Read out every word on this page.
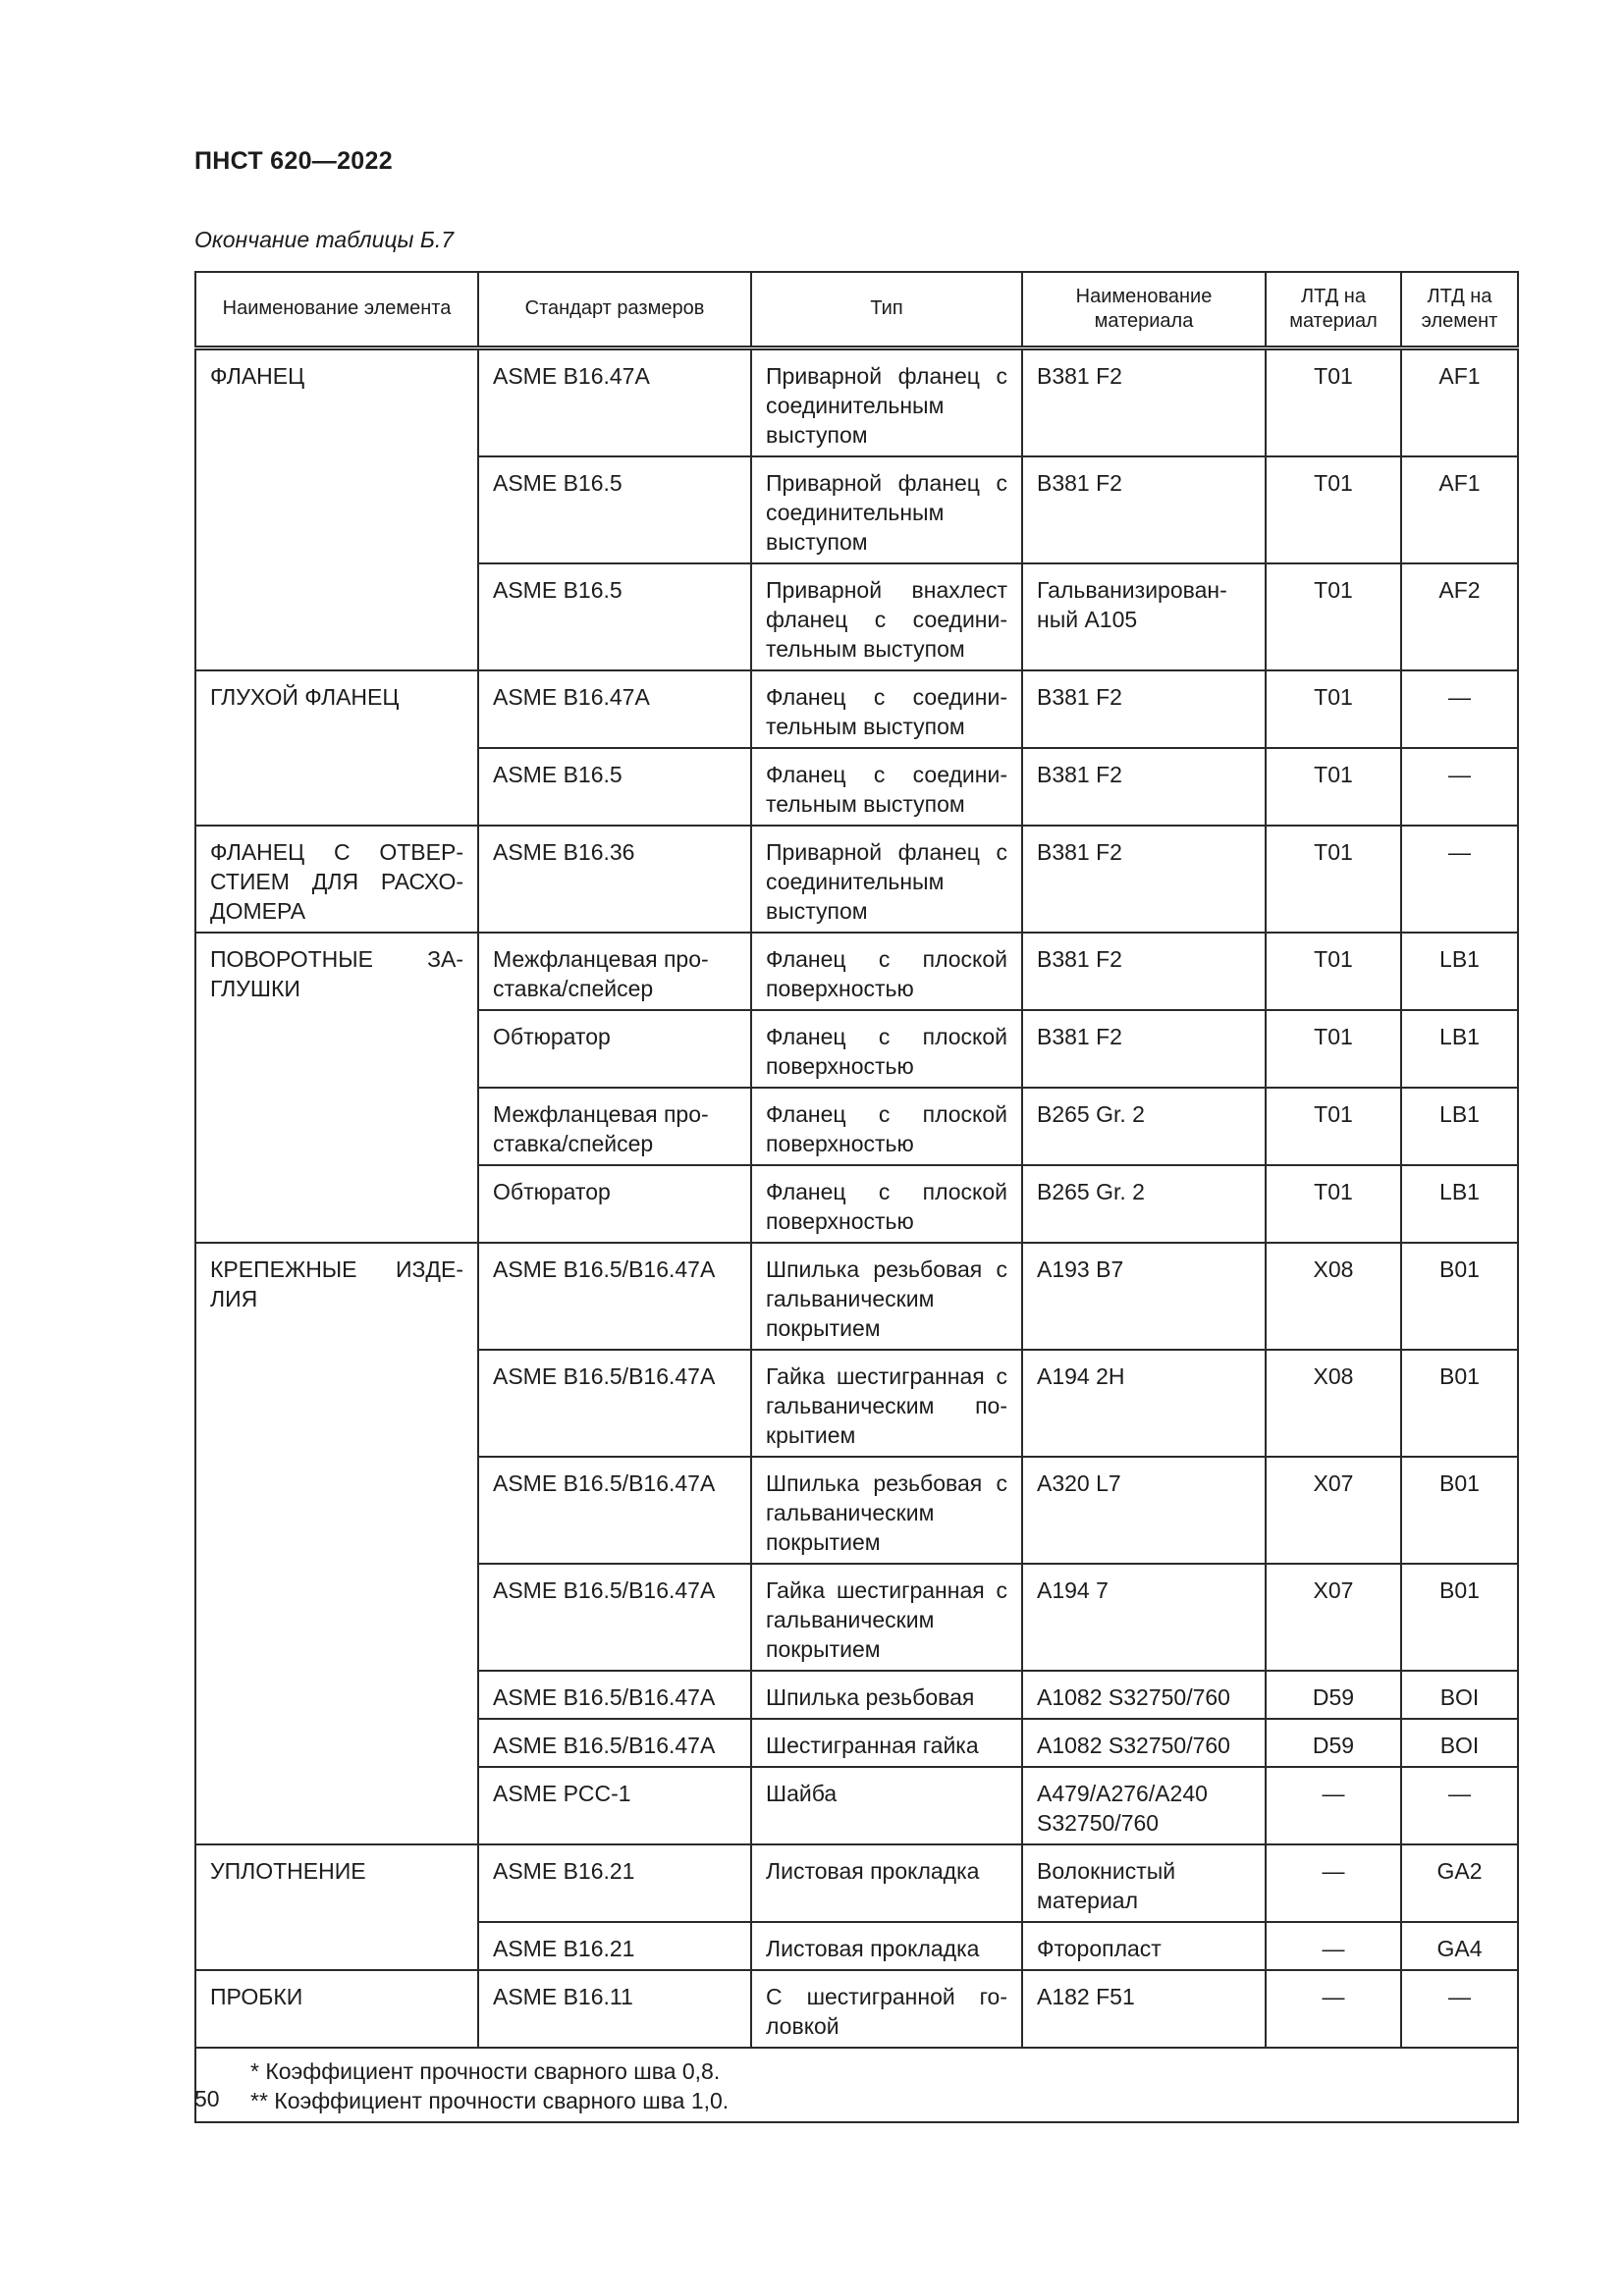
ПНСТ 620—2022
Окончание таблицы Б.7
Наименование элемента	Стандарт размеров	Тип	Наименование материала	ЛТД на материал	ЛТД на элемент
ФЛАНЕЦ	ASME B16.47A	Приварной фланец с соединительным выступом	B381 F2	T01	AF1
	ASME B16.5	Приварной фланец с соединительным выступом	B381 F2	T01	AF1
	ASME B16.5	Приварной внахлест фланец с соедини-тельным выступом	Гальванизирован-ный А105	T01	AF2
ГЛУХОЙ ФЛАНЕЦ	ASME B16.47A	Фланец с соедини-тельным выступом	B381 F2	T01	—
	ASME B16.5	Фланец с соедини-тельным выступом	B381 F2	T01	—
ФЛАНЕЦ С ОТВЕР-СТИЕМ ДЛЯ РАСХО-ДОМЕРА	ASME B16.36	Приварной фланец с соединительным выступом	B381 F2	T01	—
ПОВОРОТНЫЕ ЗА-ГЛУШКИ	Межфланцевая про-ставка/спейсер	Фланец с плоской поверхностью	B381 F2	T01	LB1
	Обтюратор	Фланец с плоской поверхностью	B381 F2	T01	LB1
	Межфланцевая про-ставка/спейсер	Фланец с плоской поверхностью	B265 Gr. 2	T01	LB1
	Обтюратор	Фланец с плоской поверхностью	B265 Gr. 2	T01	LB1
КРЕПЕЖНЫЕ ИЗДЕ-ЛИЯ	ASME B16.5/B16.47A	Шпилька резьбовая с гальваническим покрытием	A193 B7	X08	B01
	ASME B16.5/B16.47A	Гайка шестигранная с гальваническим по-крытием	A194 2H	X08	B01
	ASME B16.5/B16.47A	Шпилька резьбовая с гальваническим покрытием	A320 L7	X07	B01
	ASME B16.5/B16.47A	Гайка шестигранная с гальваническим покрытием	A194 7	X07	B01
	ASME B16.5/B16.47A	Шпилька резьбовая	A1082 S32750/760	D59	BOI
	ASME B16.5/B16.47A	Шестигранная гайка	A1082 S32750/760	D59	BOI
	ASME PCC-1	Шайба	A479/A276/A240 S32750/760	—	—
УПЛОТНЕНИЕ	ASME B16.21	Листовая прокладка	Волокнистый материал	—	GA2
	ASME B16.21	Листовая прокладка	Фторопласт	—	GA4
ПРОБКИ	ASME B16.11	С шестигранной го-ловкой	A182 F51	—	—

* Коэффициент прочности сварного шва 0,8.
** Коэффициент прочности сварного шва 1,0.					
50
